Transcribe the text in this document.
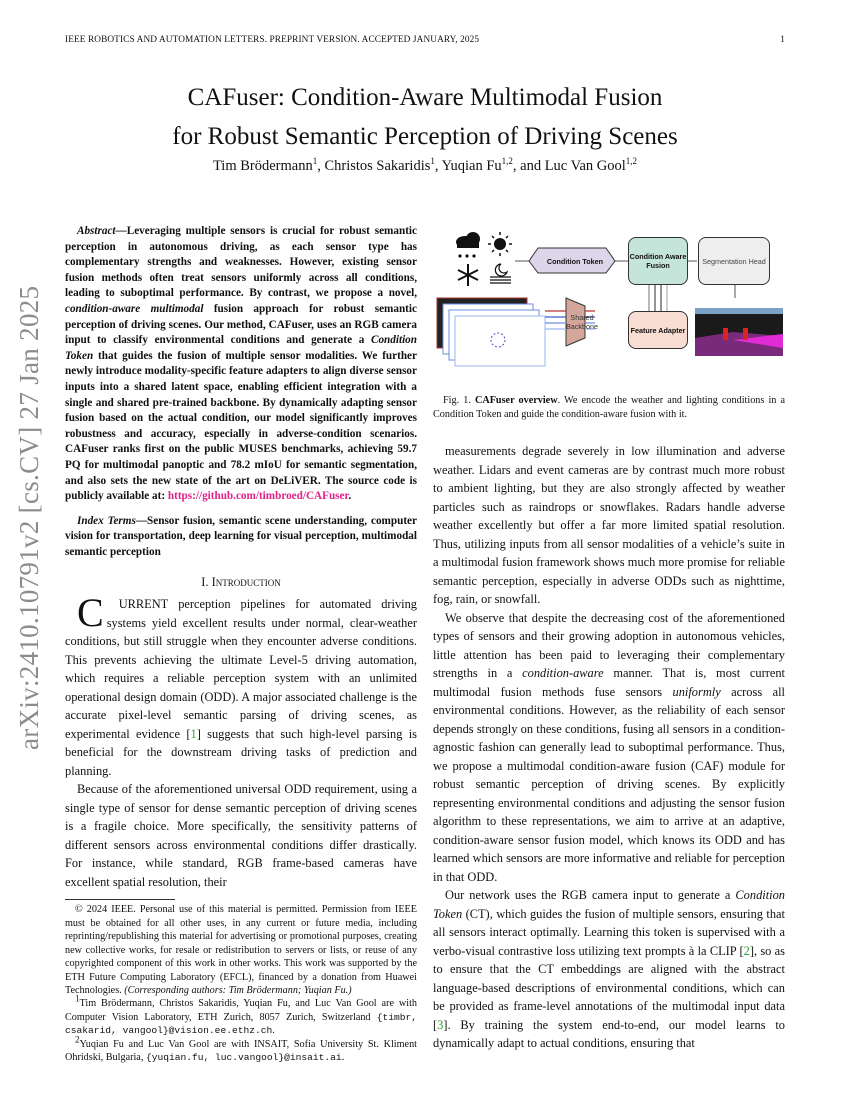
IEEE ROBOTICS AND AUTOMATION LETTERS. PREPRINT VERSION. ACCEPTED JANUARY, 2025	1
arXiv:2410.10791v2 [cs.CV] 27 Jan 2025
CAFuser: Condition-Aware Multimodal Fusion
for Robust Semantic Perception of Driving Scenes
Tim Brödermann$^1$, Christos Sakaridis$^1$, Yuqian Fu$^{1,2}$, and Luc Van Gool$^{1,2}$

Abstract—Leveraging multiple sensors is crucial for robust semantic perception in autonomous driving, as each sensor type has complementary strengths and weaknesses. However, existing sensor fusion methods often treat sensors uniformly across all conditions, leading to suboptimal performance. By contrast, we propose a novel, condition-aware multimodal fusion approach for robust semantic perception of driving scenes. Our method, CAFuser, uses an RGB camera input to classify environmental conditions and generate a Condition Token that guides the fusion of multiple sensor modalities. We further newly introduce modality-specific feature adapters to align diverse sensor inputs into a shared latent space, enabling efficient integration with a single and shared pre-trained backbone. By dynamically adapting sensor fusion based on the actual condition, our model significantly improves robustness and accuracy, especially in adverse-condition scenarios. CAFuser ranks first on the public MUSES benchmarks, achieving 59.7 PQ for multimodal panoptic and 78.2 mIoU for semantic segmentation, and also sets the new state of the art on DeLiVER. The source code is publicly available at: https://github.com/timbroed/CAFuser.

Index Terms—Sensor fusion, semantic scene understanding, computer vision for transportation, deep learning for visual perception, multimodal semantic perception

I. Introduction

C URRENT perception pipelines for automated driving systems yield excellent results under normal, clear-weather conditions, but still struggle when they encounter adverse conditions. This prevents achieving the ultimate Level-5 driving automation, which requires a reliable perception system with an unlimited operational design domain (ODD). A major associated challenge is the accurate pixel-level semantic parsing of driving scenes, as experimental evidence [1] suggests that such high-level parsing is beneficial for the downstream driving tasks of prediction and planning.

Because of the aforementioned universal ODD requirement, using a single type of sensor for dense semantic perception of driving scenes is a fragile choice. More specifically, the sensitivity patterns of different sensors across environmental conditions differ drastically. For instance, while standard, RGB frame-based cameras have excellent spatial resolution, their

© 2024 IEEE. Personal use of this material is permitted. Permission from IEEE must be obtained for all other uses, in any current or future media, including reprinting/republishing this material for advertising or promotional purposes, creating new collective works, for resale or redistribution to servers or lists, or reuse of any copyrighted component of this work in other works. This work was supported by the ETH Future Computing Laboratory (EFCL), financed by a donation from Huawei Technologies. (Corresponding authors: Tim Brödermann; Yuqian Fu.)

$^1$Tim Brödermann, Christos Sakaridis, Yuqian Fu, and Luc Van Gool are with Computer Vision Laboratory, ETH Zurich, 8057 Zurich, Switzerland {timbr, csakarid, vangool}@vision.ee.ethz.ch.

$^2$Yuqian Fu and Luc Van Gool are with INSAIT, Sofia University St. Kliment Ohridski, Bulgaria, {yuqian.fu, luc.vangool}@insait.ai.

Condition Token	Condition Aware Fusion	Segmentation Head
Shared Backbone	Feature Adapter

Fig. 1. CAFuser overview. We encode the weather and lighting conditions in a Condition Token and guide the condition-aware fusion with it.

measurements degrade severely in low illumination and adverse weather. Lidars and event cameras are by contrast much more robust to ambient lighting, but they are also strongly affected by weather particles such as raindrops or snowflakes. Radars handle adverse weather excellently but offer a far more limited spatial resolution. Thus, utilizing inputs from all sensor modalities of a vehicle’s suite in a multimodal fusion framework shows much more promise for reliable semantic perception, especially in adverse ODDs such as nighttime, fog, rain, or snowfall.

We observe that despite the decreasing cost of the aforementioned types of sensors and their growing adoption in autonomous vehicles, little attention has been paid to leveraging their complementary strengths in a condition-aware manner. That is, most current multimodal fusion methods fuse sensors uniformly across all environmental conditions. However, as the reliability of each sensor depends strongly on these conditions, fusing all sensors in a condition-agnostic fashion can generally lead to suboptimal performance. Thus, we propose a multimodal condition-aware fusion (CAF) module for robust semantic perception of driving scenes. By explicitly representing environmental conditions and adjusting the sensor fusion algorithm to these representations, we aim to arrive at an adaptive, condition-aware sensor fusion model, which knows its ODD and has learned which sensors are more informative and reliable for perception in that ODD.

Our network uses the RGB camera input to generate a Condition Token (CT), which guides the fusion of multiple sensors, ensuring that all sensors interact optimally. Learning this token is supervised with a verbo-visual contrastive loss utilizing text prompts à la CLIP [2], so as to ensure that the CT embeddings are aligned with the abstract language-based descriptions of environmental conditions, which can be provided as frame-level annotations of the multimodal input data [3]. By training the system end-to-end, our model learns to dynamically adapt to actual conditions, ensuring that
